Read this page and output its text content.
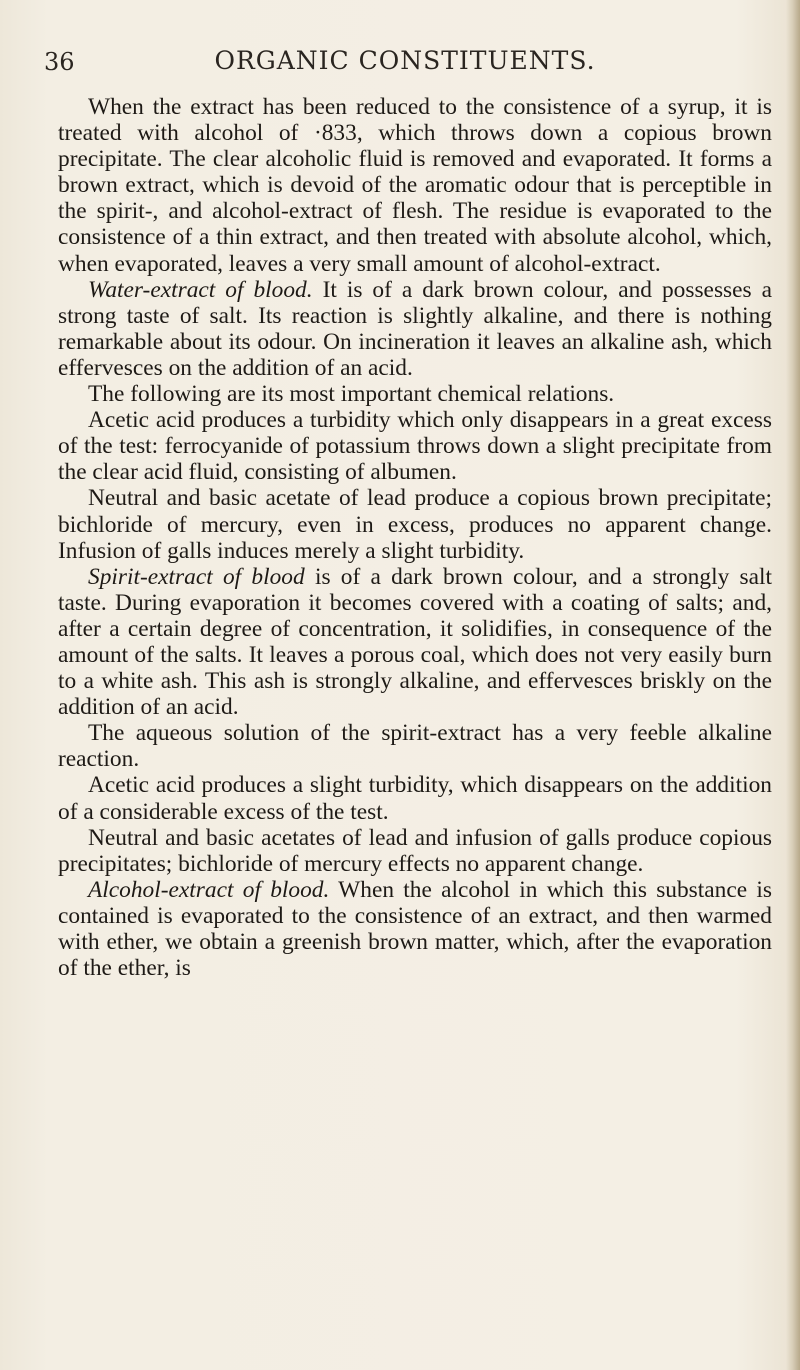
36	ORGANIC CONSTITUENTS.

When the extract has been reduced to the consistence of a syrup, it is treated with alcohol of ·833, which throws down a copious brown precipitate. The clear alcoholic fluid is removed and evaporated. It forms a brown extract, which is devoid of the aromatic odour that is perceptible in the spirit-, and alcohol-extract of flesh. The residue is evaporated to the consistence of a thin extract, and then treated with absolute alcohol, which, when evaporated, leaves a very small amount of alcohol-extract.

Water-extract of blood. It is of a dark brown colour, and possesses a strong taste of salt. Its reaction is slightly alkaline, and there is nothing remarkable about its odour. On incineration it leaves an alkaline ash, which effervesces on the addition of an acid.

The following are its most important chemical relations.

Acetic acid produces a turbidity which only disappears in a great excess of the test: ferrocyanide of potassium throws down a slight precipitate from the clear acid fluid, consisting of albumen.

Neutral and basic acetate of lead produce a copious brown precipitate; bichloride of mercury, even in excess, produces no apparent change. Infusion of galls induces merely a slight turbidity.

Spirit-extract of blood is of a dark brown colour, and a strongly salt taste. During evaporation it becomes covered with a coating of salts; and, after a certain degree of concentration, it solidifies, in consequence of the amount of the salts. It leaves a porous coal, which does not very easily burn to a white ash. This ash is strongly alkaline, and effervesces briskly on the addition of an acid.

The aqueous solution of the spirit-extract has a very feeble alkaline reaction.

Acetic acid produces a slight turbidity, which disappears on the addition of a considerable excess of the test.

Neutral and basic acetates of lead and infusion of galls produce copious precipitates; bichloride of mercury effects no apparent change.

Alcohol-extract of blood. When the alcohol in which this substance is contained is evaporated to the consistence of an extract, and then warmed with ether, we obtain a greenish brown matter, which, after the evaporation of the ether, is
